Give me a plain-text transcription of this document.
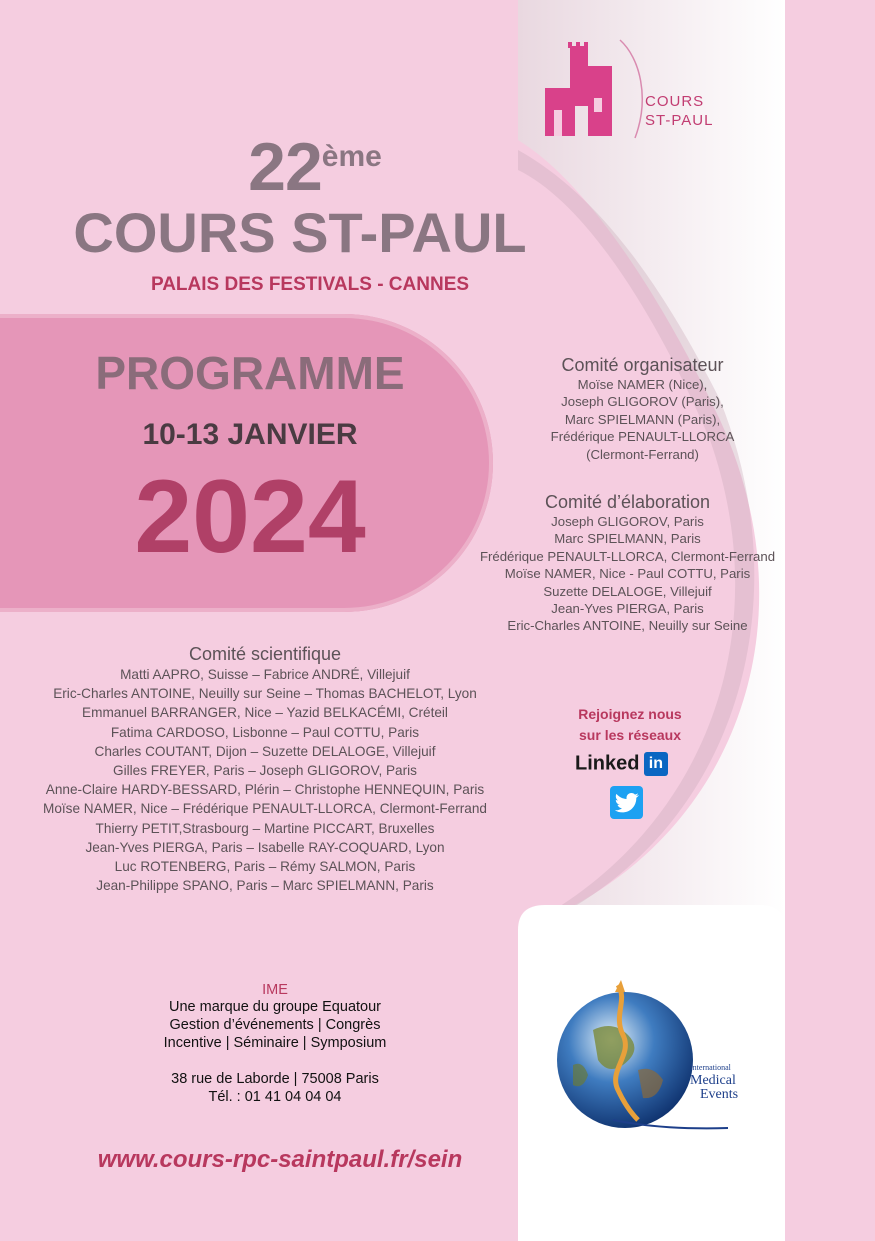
COURS
ST-PAUL
22ème
COURS ST-PAUL
PALAIS DES FESTIVALS - CANNES
PROGRAMME
10-13 JANVIER
2024
Comité organisateur
Moïse NAMER (Nice),
Joseph GLIGOROV (Paris),
Marc SPIELMANN (Paris),
Frédérique PENAULT-LLORCA
(Clermont-Ferrand)
Comité d’élaboration
Joseph GLIGOROV, Paris
Marc SPIELMANN, Paris
Frédérique PENAULT-LLORCA, Clermont-Ferrand
Moïse NAMER, Nice - Paul COTTU, Paris
Suzette DELALOGE, Villejuif
Jean-Yves PIERGA, Paris
Eric-Charles ANTOINE, Neuilly sur Seine
Comité scientifique
Matti AAPRO, Suisse – Fabrice ANDRÉ, Villejuif
Eric-Charles ANTOINE, Neuilly sur Seine – Thomas BACHELOT, Lyon
Emmanuel BARRANGER, Nice – Yazid BELKACÉMI, Créteil
Fatima CARDOSO, Lisbonne – Paul COTTU, Paris
Charles COUTANT, Dijon – Suzette DELALOGE, Villejuif
Gilles FREYER, Paris – Joseph GLIGOROV, Paris
Anne-Claire HARDY-BESSARD, Plérin – Christophe HENNEQUIN, Paris
Moïse NAMER, Nice – Frédérique PENAULT-LLORCA, Clermont-Ferrand
Thierry PETIT,Strasbourg – Martine PICCART, Bruxelles
Jean-Yves PIERGA, Paris – Isabelle RAY-COQUARD, Lyon
Luc ROTENBERG, Paris – Rémy SALMON, Paris
Jean-Philippe SPANO, Paris – Marc SPIELMANN, Paris
Rejoignez nous
sur les réseaux
Linked in
IME
Une marque du groupe Equatour
Gestion d’événements | Congrès
Incentive | Séminaire | Symposium
38 rue de Laborde | 75008 Paris
Tél. : 01 41 04 04 04
www.cours-rpc-saintpaul.fr/sein
International
Medical
Events
